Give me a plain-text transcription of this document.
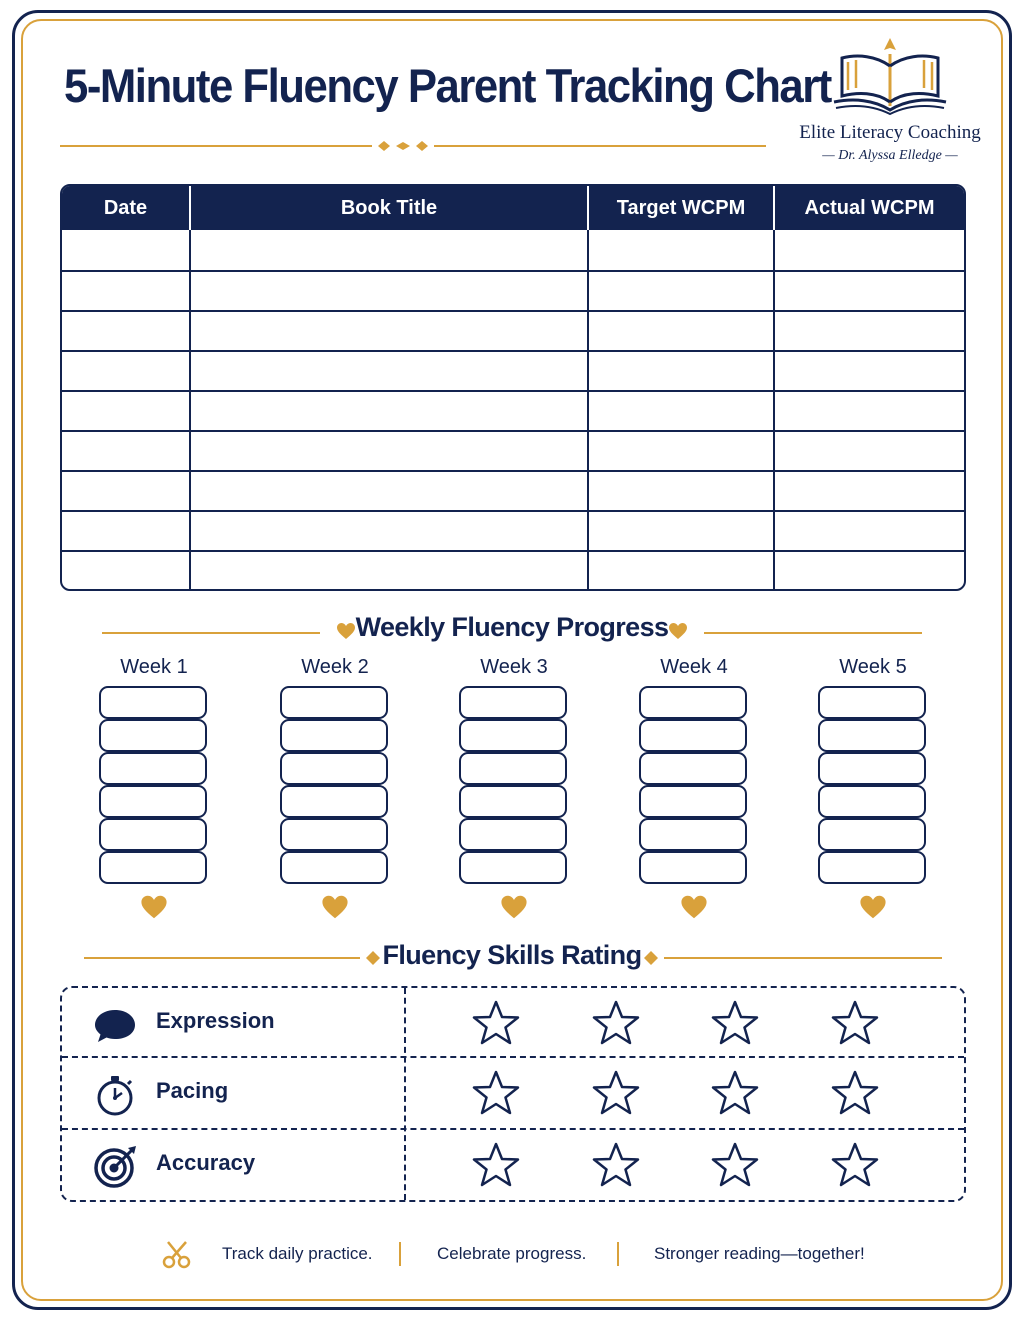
5-Minute Fluency Parent Tracking Chart
Elite Literacy Coaching
— Dr. Alyssa Elledge —
Date	Book Title	Target WCPM	Actual WCPM
Weekly Fluency Progress
Week 1	Week 2	Week 3	Week 4	Week 5
Fluency Skills Rating
Expression
Pacing
Accuracy
Track daily practice.	Celebrate progress.	Stronger reading—together!
